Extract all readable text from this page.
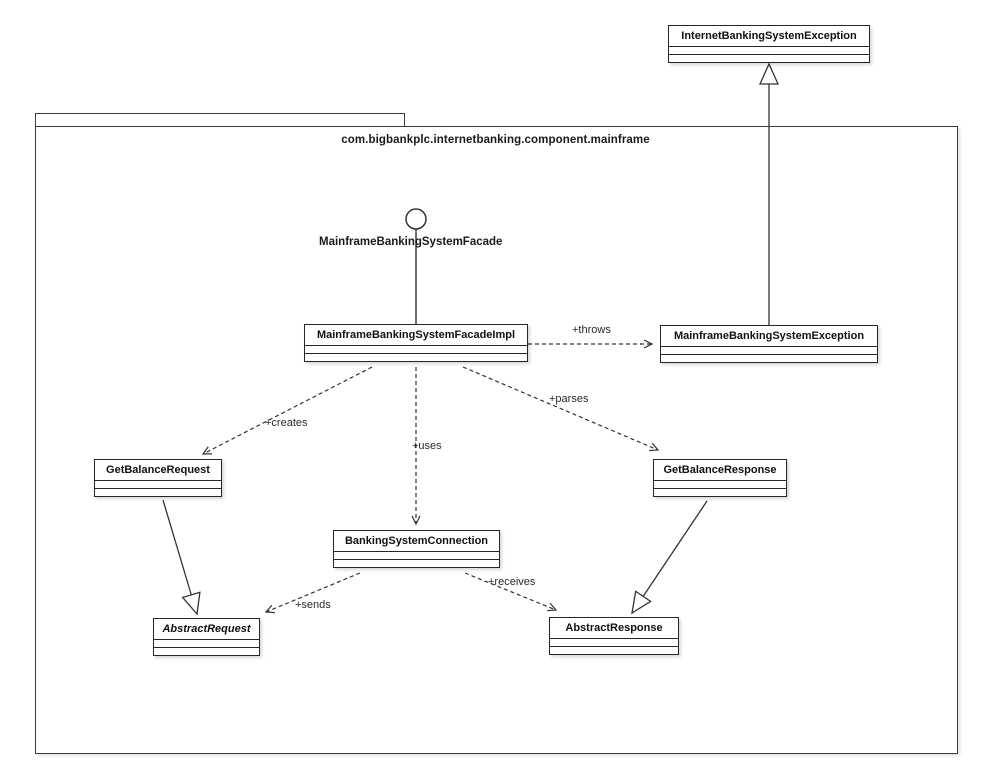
com.bigbankplc.internetbanking.component.mainframe
MainframeBankingSystemFacade
InternetBankingSystemException
MainframeBankingSystemException
MainframeBankingSystemFacadeImpl
GetBalanceRequest	GetBalanceResponse
BankingSystemConnection
AbstractRequest	AbstractResponse
+throws
+creates
+uses
+parses
+sends
+receives
